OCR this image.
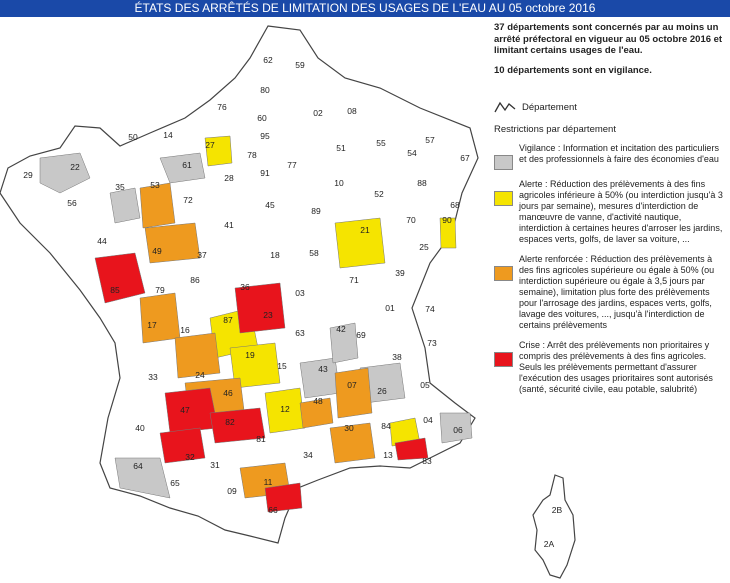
ÉTATS DES ARRÊTÉS DE LIMITATION DES USAGES DE L'EAU AU 05 octobre 2016

37 départements sont concernés par au moins un arrêté préfectoral en vigueur au 05 octobre 2016 et limitant certains usages de l'eau.

10 départements sont en vigilance.

Département
Restrictions par département
Vigilance : Information et incitation des particuliers et des professionnels à faire des économies d'eau
Alerte : Réduction des prélèvements à des fins agricoles inférieure à 50% (ou interdiction jusqu'à 3 jours par semaine), mesures d'interdiction de manœuvre de vanne, d'activité nautique, interdiction à certaines heures d'arroser les jardins, espaces verts, golfs, de laver sa voiture, ...
Alerte renforcée : Réduction des prélèvements à des fins agricoles supérieure ou égale à 50% (ou interdiction supérieure ou égale à 3,5 jours par semaine), limitation plus forte des prélèvements pour l'arrosage des jardins, espaces verts, golfs, lavage des voitures, ..., jusqu'à l'interdiction de certains prélèvements
Crise : Arrêt des prélèvements non prioritaires y compris des prélèvements à des fins agricoles. Seuls les prélèvements permettant d'assurer l'exécution des usages prioritaires sont autorisés (santé, sécurité civile, eau potable, salubrité)
62	59
80
76
02	08
60
50	14
27
95
51	55	57
54	67
29
22	61
78
91
77
10
52
88
68
35	53
72
28
45
89
21
70	90
25
56
44
49	37
41
18	58
71
39
85	79
86
36
03
01	74
17	16
87	23
63	42
69
73
19
15	43
38
33	24
46
12
48
07
26
05
47
82
81
30	84
04
06
40
32
31
34	13
83
64
65
09
11
66	2B
2A
